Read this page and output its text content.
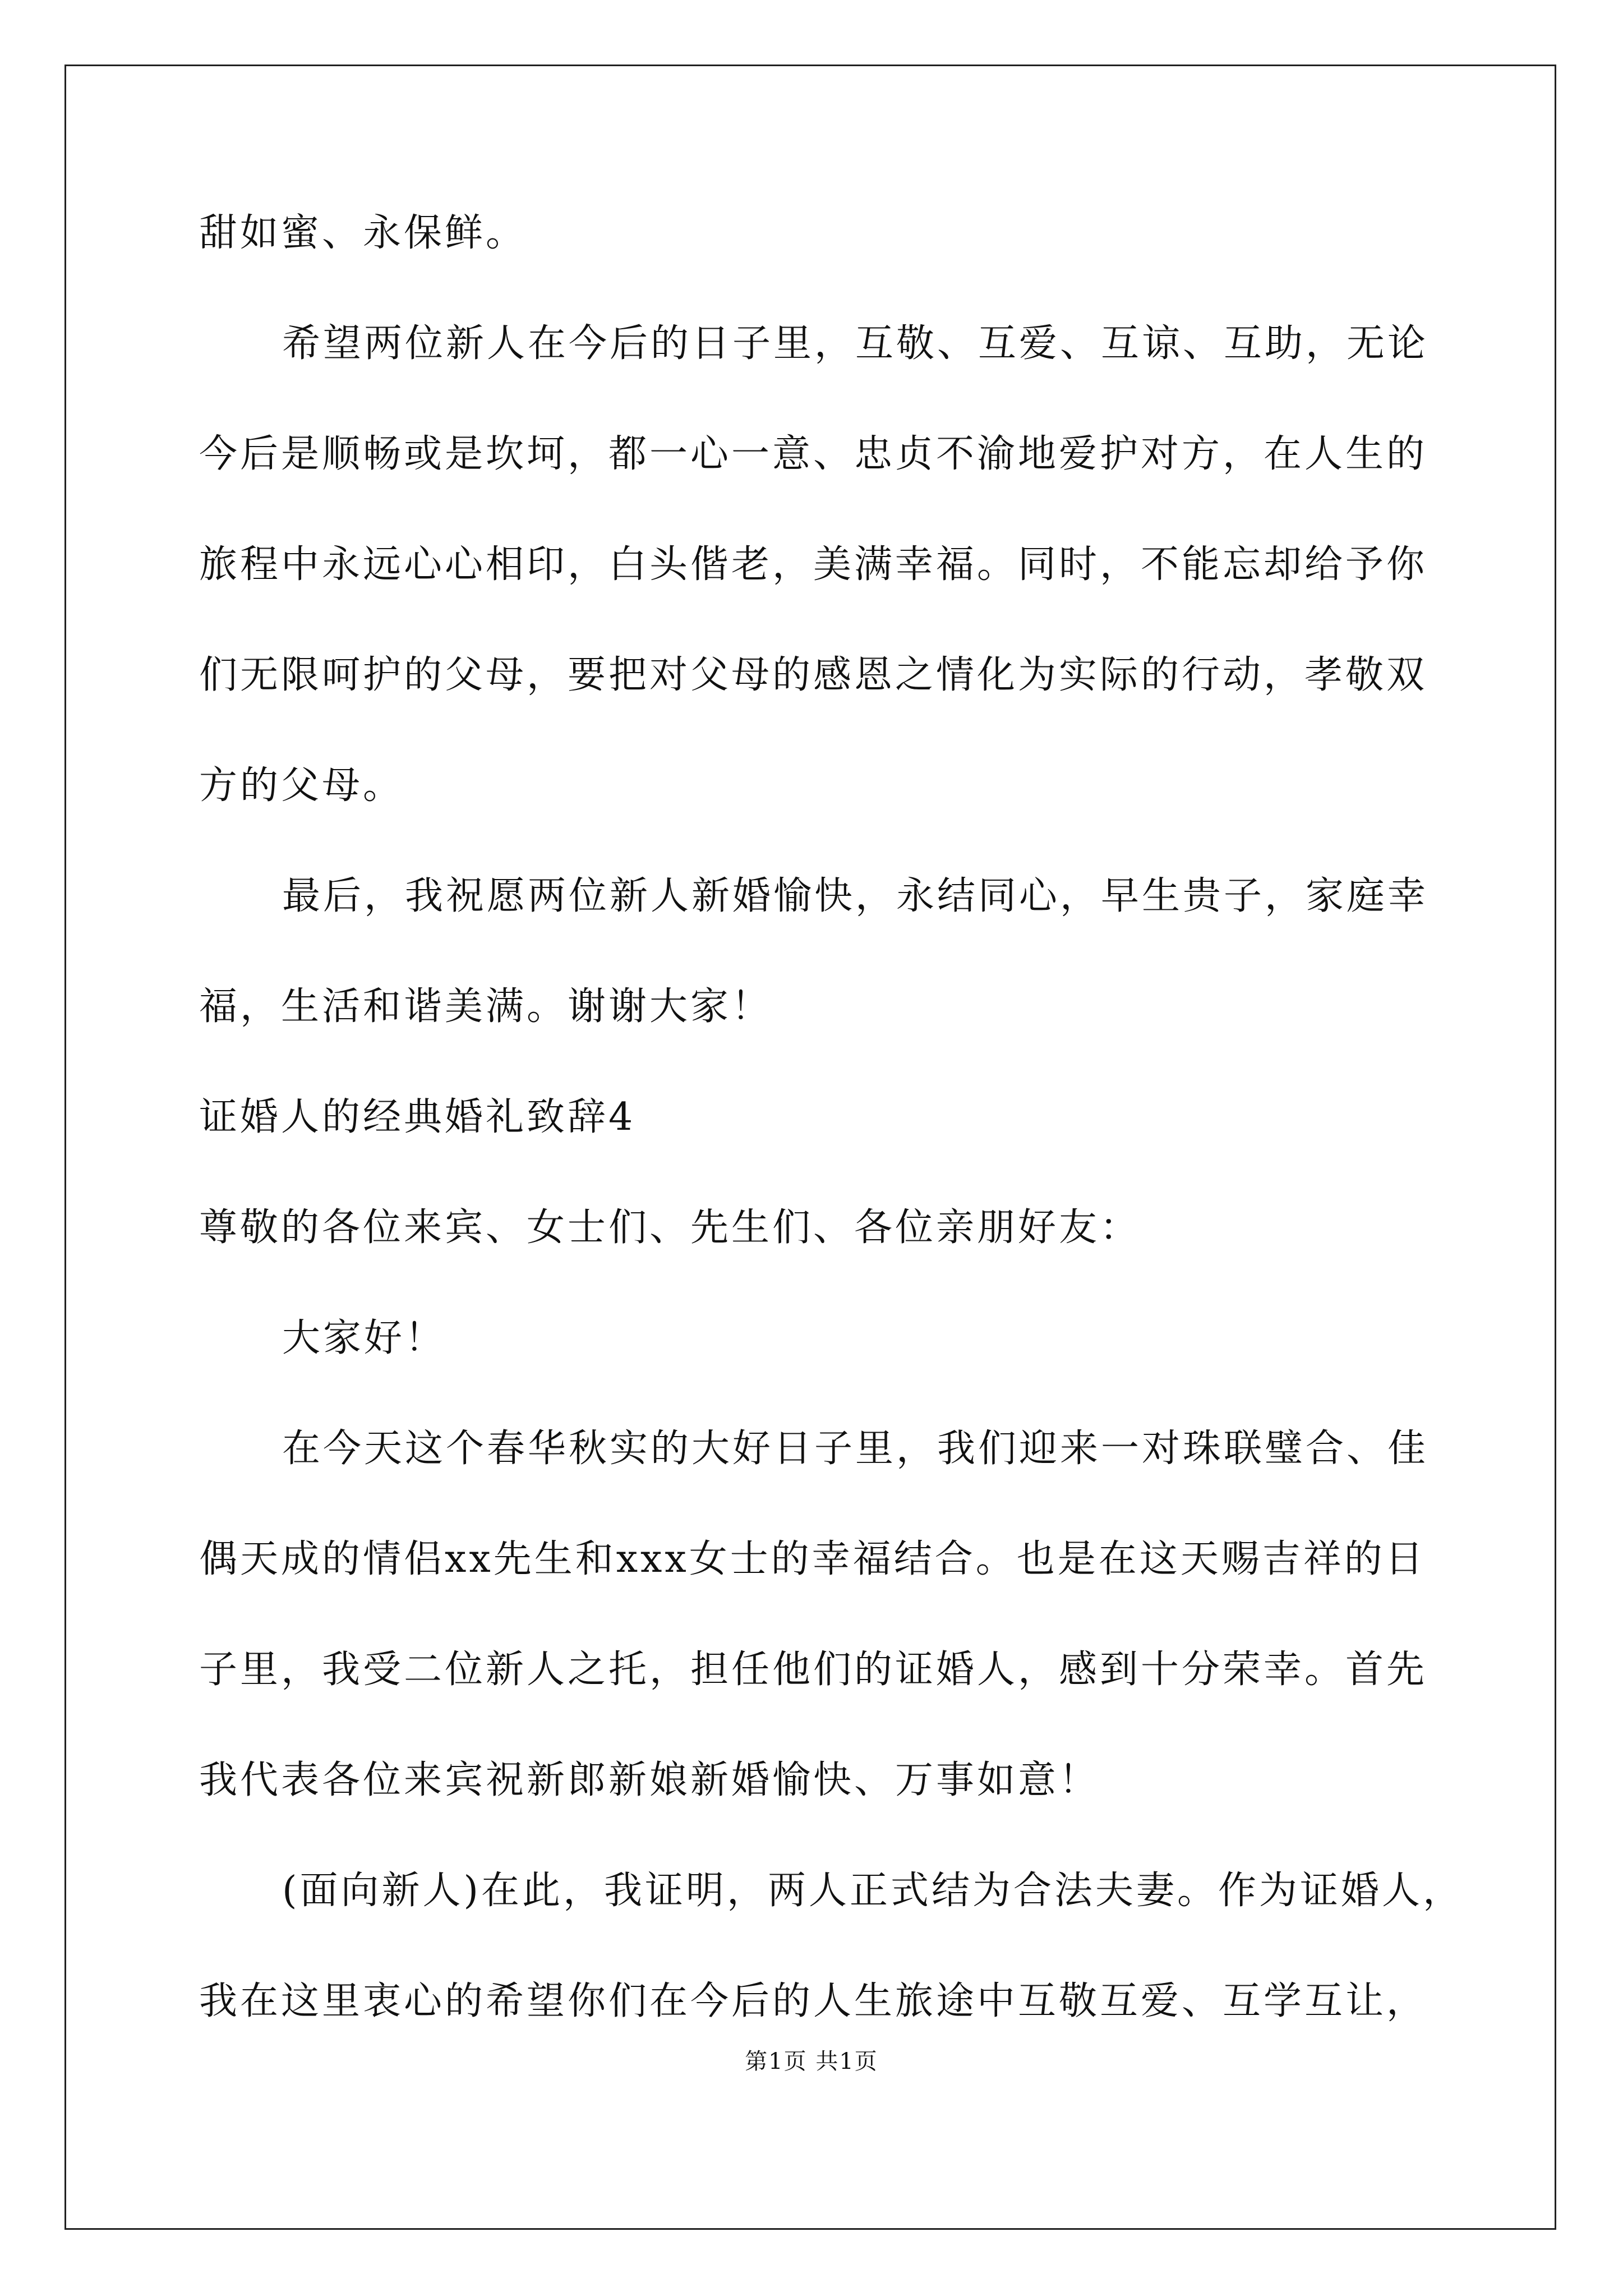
甜如蜜、永保鲜。
希望两位新人在今后的日子里，互敬、互爱、互谅、互助，无论
今后是顺畅或是坎坷，都一心一意、忠贞不渝地爱护对方，在人生的
旅程中永远心心相印，白头偕老，美满幸福。同时，不能忘却给予你
们无限呵护的父母，要把对父母的感恩之情化为实际的行动，孝敬双
方的父母。
最后，我祝愿两位新人新婚愉快，永结同心，早生贵子，家庭幸
福，生活和谐美满。谢谢大家！
证婚人的经典婚礼致辞4
尊敬的各位来宾、女士们、先生们、各位亲朋好友：
大家好！
在今天这个春华秋实的大好日子里，我们迎来一对珠联璧合、佳
偶天成的情侣xx先生和xxx女士的幸福结合。也是在这天赐吉祥的日
子里，我受二位新人之托，担任他们的证婚人，感到十分荣幸。首先
我代表各位来宾祝新郎新娘新婚愉快、万事如意！
(面向新人)在此，我证明，两人正式结为合法夫妻。作为证婚人，
我在这里衷心的希望你们在今后的人生旅途中互敬互爱、互学互让，
第1页 共1页
